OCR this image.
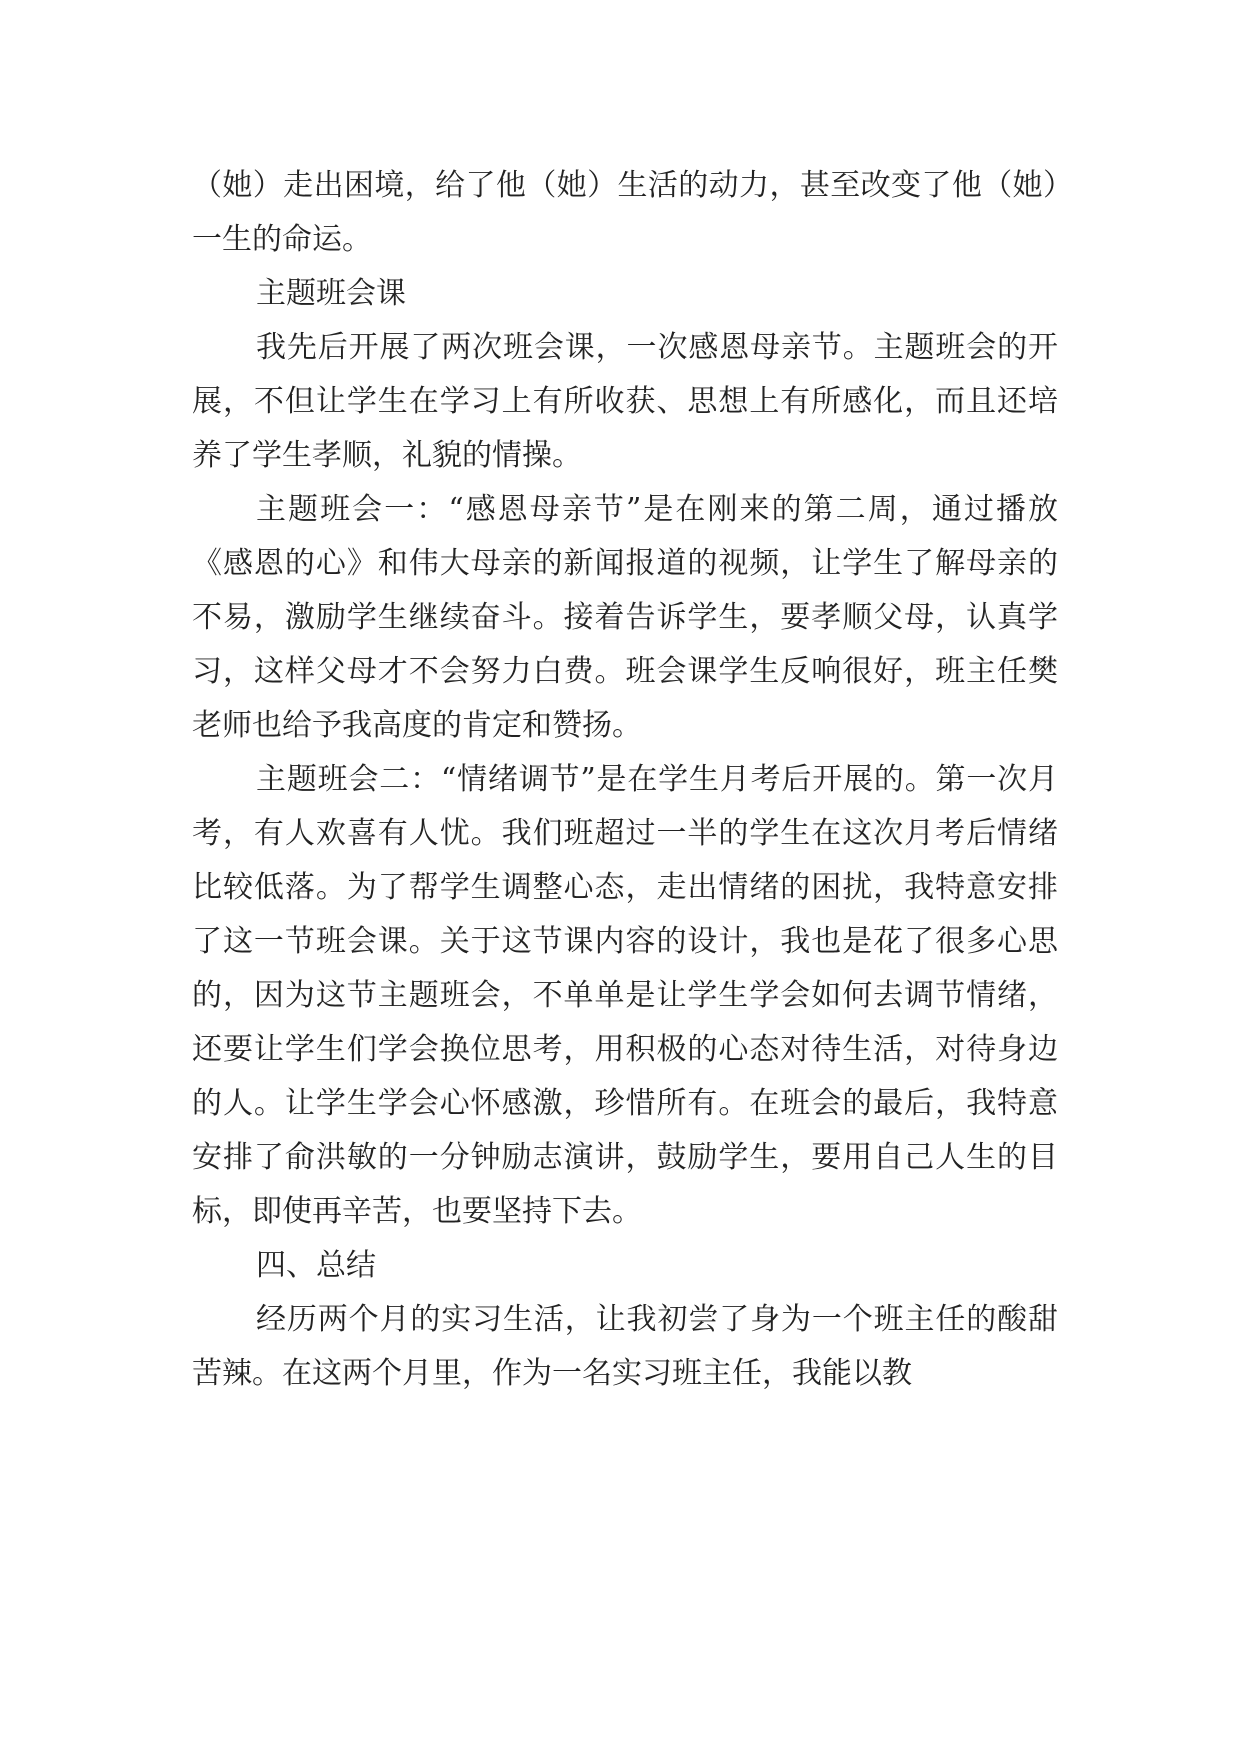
（她）走出困境，给了他（她）生活的动力，甚至改变了他（她）一生的命运。

主题班会课

我先后开展了两次班会课，一次感恩母亲节。主题班会的开展，不但让学生在学习上有所收获、思想上有所感化，而且还培养了学生孝顺，礼貌的情操。

主题班会一：“感恩母亲节”是在刚来的第二周，通过播放《感恩的心》和伟大母亲的新闻报道的视频，让学生了解母亲的不易，激励学生继续奋斗。接着告诉学生，要孝顺父母，认真学习，这样父母才不会努力白费。班会课学生反响很好，班主任樊老师也给予我高度的肯定和赞扬。

主题班会二：“情绪调节”是在学生月考后开展的。第一次月考，有人欢喜有人忧。我们班超过一半的学生在这次月考后情绪比较低落。为了帮学生调整心态，走出情绪的困扰，我特意安排了这一节班会课。关于这节课内容的设计，我也是花了很多心思的，因为这节主题班会，不单单是让学生学会如何去调节情绪，还要让学生们学会换位思考，用积极的心态对待生活，对待身边的人。让学生学会心怀感激，珍惜所有。在班会的最后，我特意安排了俞洪敏的一分钟励志演讲，鼓励学生，要用自己人生的目标，即使再辛苦，也要坚持下去。

四、总结

经历两个月的实习生活，让我初尝了身为一个班主任的酸甜苦辣。在这两个月里，作为一名实习班主任，我能以教
